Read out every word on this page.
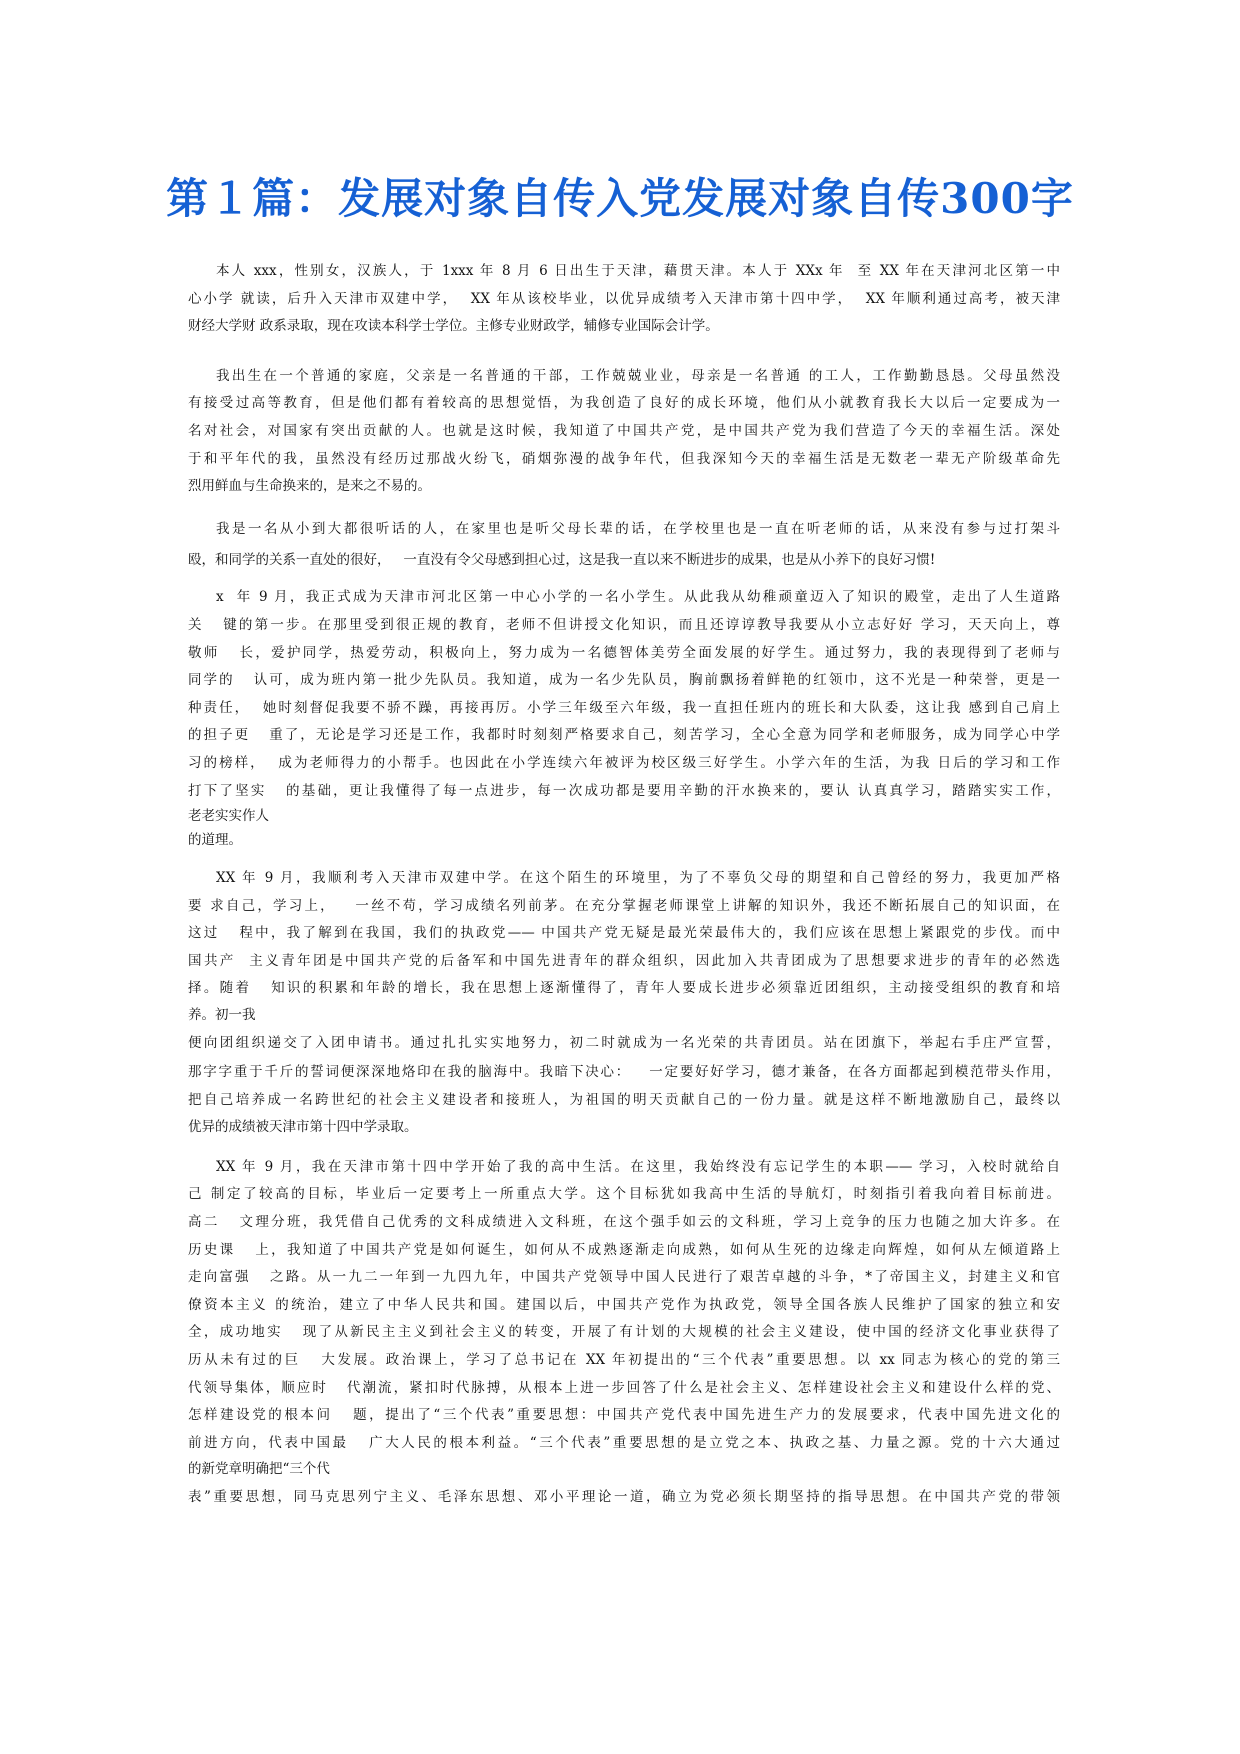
第１篇：发展对象自传入党发展对象自传300字
本人 xxx，性别女，汉族人，于 1xxx 年 8 月 6 日出生于天津，藉贯天津。本人于 XXx 年  至 XX 年在天津河北区第一中
心小学 就读，后升入天津市双建中学，  XX 年从该校毕业，以优异成绩考入天津市第十四中学，  XX 年顺利通过高考，被天津
财经大学财 政系录取，现在攻读本科学士学位。主修专业财政学，辅修专业国际会计学。
我出生在一个普通的家庭，父亲是一名普通的干部，工作兢兢业业，母亲是一名普通 的工人，工作勤勤恳恳。父母虽然没
有接受过高等教育，但是他们都有着较高的思想觉悟，为我创造了良好的成长环境，他们从小就教育我长大以后一定要成为一
名对社会，对国家有突出贡献的人。也就是这时候，我知道了中国共产党，是中国共产党为我们营造了今天的幸福生活。深处
于和平年代的我，虽然没有经历过那战火纷飞，硝烟弥漫的战争年代，但我深知今天的幸福生活是无数老一辈无产阶级革命先
烈用鲜血与生命换来的，是来之不易的。
我是一名从小到大都很听话的人，在家里也是听父母长辈的话，在学校里也是一直在听老师的话，从来没有参与过打架斗
殴，和同学的关系一直处的很好，   一直没有令父母感到担心过，这是我一直以来不断进步的成果，也是从小养下的良好习惯!
x  年 9 月，我正式成为天津市河北区第一中心小学的一名小学生。从此我从幼稚顽童迈入了知识的殿堂，走出了人生道路
关   键的第一步。在那里受到很正规的教育，老师不但讲授文化知识，而且还谆谆教导我要从小立志好好 学习，天天向上，尊
敬师   长，爱护同学，热爱劳动，积极向上，努力成为一名德智体美劳全面发展的好学生。通过努力，我的表现得到了老师与
同学的   认可，成为班内第一批少先队员。我知道，成为一名少先队员，胸前飘扬着鲜艳的红领巾，这不光是一种荣誉，更是一
种责任，  她时刻督促我要不骄不躁，再接再厉。小学三年级至六年级，我一直担任班内的班长和大队委，这让我 感到自己肩上
的担子更   重了，无论是学习还是工作，我都时时刻刻严格要求自己，刻苦学习，全心全意为同学和老师服务，成为同学心中学
习的榜样，  成为老师得力的小帮手。也因此在小学连续六年被评为校区级三好学生。小学六年的生活，为我 日后的学习和工作
打下了坚实   的基础，更让我懂得了每一点进步，每一次成功都是要用辛勤的汗水换来的，要认 认真真学习，踏踏实实工作，
老老实实作人
的道理。
XX 年 9 月，我顺利考入天津市双建中学。在这个陌生的环境里，为了不辜负父母的期望和自己曾经的努力，我更加严格
要 求自己，学习上，   一丝不苟，学习成绩名列前茅。在充分掌握老师课堂上讲解的知识外，我还不断拓展自己的知识面，在
这过   程中，我了解到在我国，我们的执政党—— 中国共产党无疑是最光荣最伟大的，我们应该在思想上紧跟党的步伐。而中
国共产  主义青年团是中国共产党的后备军和中国先进青年的群众组织，因此加入共青团成为了思想要求进步的青年的必然选
择。随着   知识的积累和年龄的增长，我在思想上逐渐懂得了，青年人要成长进步必须靠近团组织，主动接受组织的教育和培
养。初一我
便向团组织递交了入团申请书。通过扎扎实实地努力，初二时就成为一名光荣的共青团员。站在团旗下，举起右手庄严宣誓，
那字字重于千斤的誓词便深深地烙印在我的脑海中。我暗下决心：   一定要好好学习，德才兼备，在各方面都起到模范带头作用，
把自己培养成一名跨世纪的社会主义建设者和接班人，为祖国的明天贡献自己的一份力量。就是这样不断地激励自己，最终以
优异的成绩被天津市第十四中学录取。
XX 年 9 月，我在天津市第十四中学开始了我的高中生活。在这里，我始终没有忘记学生的本职—— 学习，入校时就给自
己 制定了较高的目标，毕业后一定要考上一所重点大学。这个目标犹如我高中生活的导航灯，时刻指引着我向着目标前进。
高二   文理分班，我凭借自己优秀的文科成绩进入文科班，在这个强手如云的文科班，学习上竞争的压力也随之加大许多。在
历史课   上，我知道了中国共产党是如何诞生，如何从不成熟逐渐走向成熟，如何从生死的边缘走向辉煌，如何从左倾道路上
走向富强   之路。从一九二一年到一九四九年，中国共产党领导中国人民进行了艰苦卓越的斗争，*了帝国主义，封建主义和官
僚资本主义 的统治，建立了中华人民共和国。建国以后，中国共产党作为执政党，领导全国各族人民维护了国家的独立和安
全，成功地实   现了从新民主主义到社会主义的转变，开展了有计划的大规模的社会主义建设，使中国的经济文化事业获得了
历从未有过的巨   大发展。政治课上，学习了总书记在 XX 年初提出的“三个代表”重要思想。以 xx 同志为核心的党的第三
代领导集体，顺应时   代潮流，紧扣时代脉搏，从根本上进一步回答了什么是社会主义、怎样建设社会主义和建设什么样的党、
怎样建设党的根本问   题，提出了“三个代表”重要思想：中国共产党代表中国先进生产力的发展要求，代表中国先进文化的
前进方向，代表中国最   广大人民的根本利益。“三个代表”重要思想的是立党之本、执政之基、力量之源。党的十六大通过
的新党章明确把“三个代
表”重要思想，同马克思列宁主义、毛泽东思想、邓小平理论一道，确立为党必须长期坚持的指导思想。在中国共产党的带领
